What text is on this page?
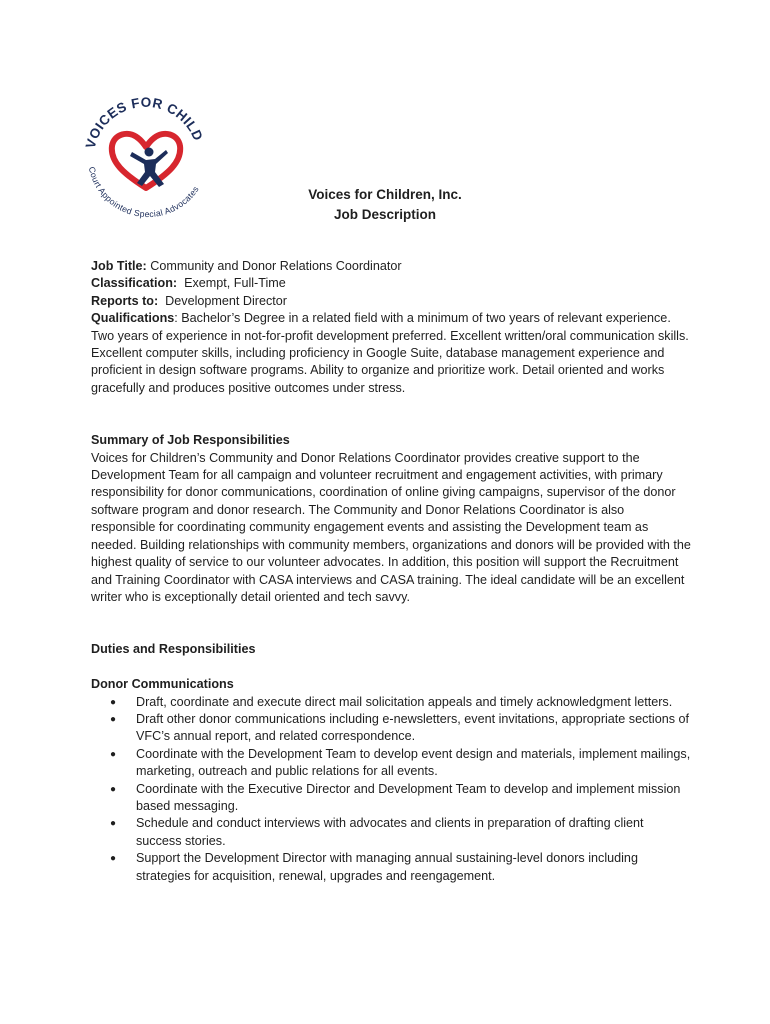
VOICES FOR CHILD
Court Appointed Special Advocates	Voices for Children, Inc.
Job Description

Job Title: Community and Donor Relations Coordinator

Classification:  Exempt, Full-Time

Reports to:  Development Director

Qualifications: Bachelor’s Degree in a related field with a minimum of two years of relevant experience. Two years of experience in not-for-profit development preferred. Excellent written/oral communication skills. Excellent computer skills, including proficiency in Google Suite, database management experience and proficient in design software programs. Ability to organize and prioritize work. Detail oriented and works gracefully and produces positive outcomes under stress.

Summary of Job Responsibilities

Voices for Children’s Community and Donor Relations Coordinator provides creative support to the Development Team for all campaign and volunteer recruitment and engagement activities, with primary responsibility for donor communications, coordination of online giving campaigns, supervisor of the donor software program and donor research. The Community and Donor Relations Coordinator is also responsible for coordinating community engagement events and assisting the Development team as needed. Building relationships with community members, organizations and donors will be provided with the highest quality of service to our volunteer advocates. In addition, this position will support the Recruitment and Training Coordinator with CASA interviews and CASA training. The ideal candidate will be an excellent writer who is exceptionally detail oriented and tech savvy.

Duties and Responsibilities

Donor Communications

● Draft, coordinate and execute direct mail solicitation appeals and timely acknowledgment letters.
● Draft other donor communications including e-newsletters, event invitations, appropriate sections of VFC’s annual report, and related correspondence.
● Coordinate with the Development Team to develop event design and materials, implement mailings, marketing, outreach and public relations for all events.
● Coordinate with the Executive Director and Development Team to develop and implement mission based messaging.
● Schedule and conduct interviews with advocates and clients in preparation of drafting client success stories.
● Support the Development Director with managing annual sustaining-level donors including strategies for acquisition, renewal, upgrades and reengagement.
